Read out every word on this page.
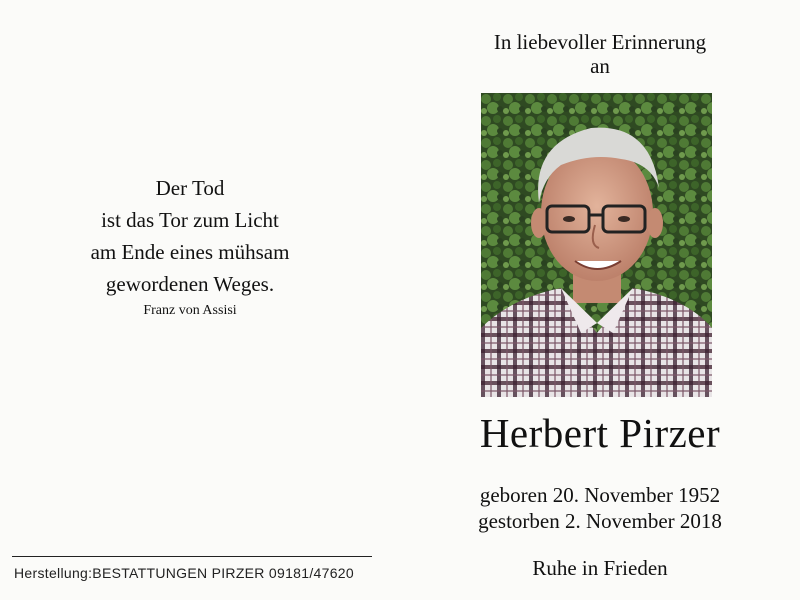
Der Tod
ist das Tor zum Licht
am Ende eines mühsam
gewordenen Weges.
Franz von Assisi
Herstellung:BESTATTUNGEN PIRZER 09181/47620
In liebevoller Erinnerung
an
Herbert Pirzer
geboren 20. November 1952
gestorben 2. November 2018
Ruhe in Frieden
